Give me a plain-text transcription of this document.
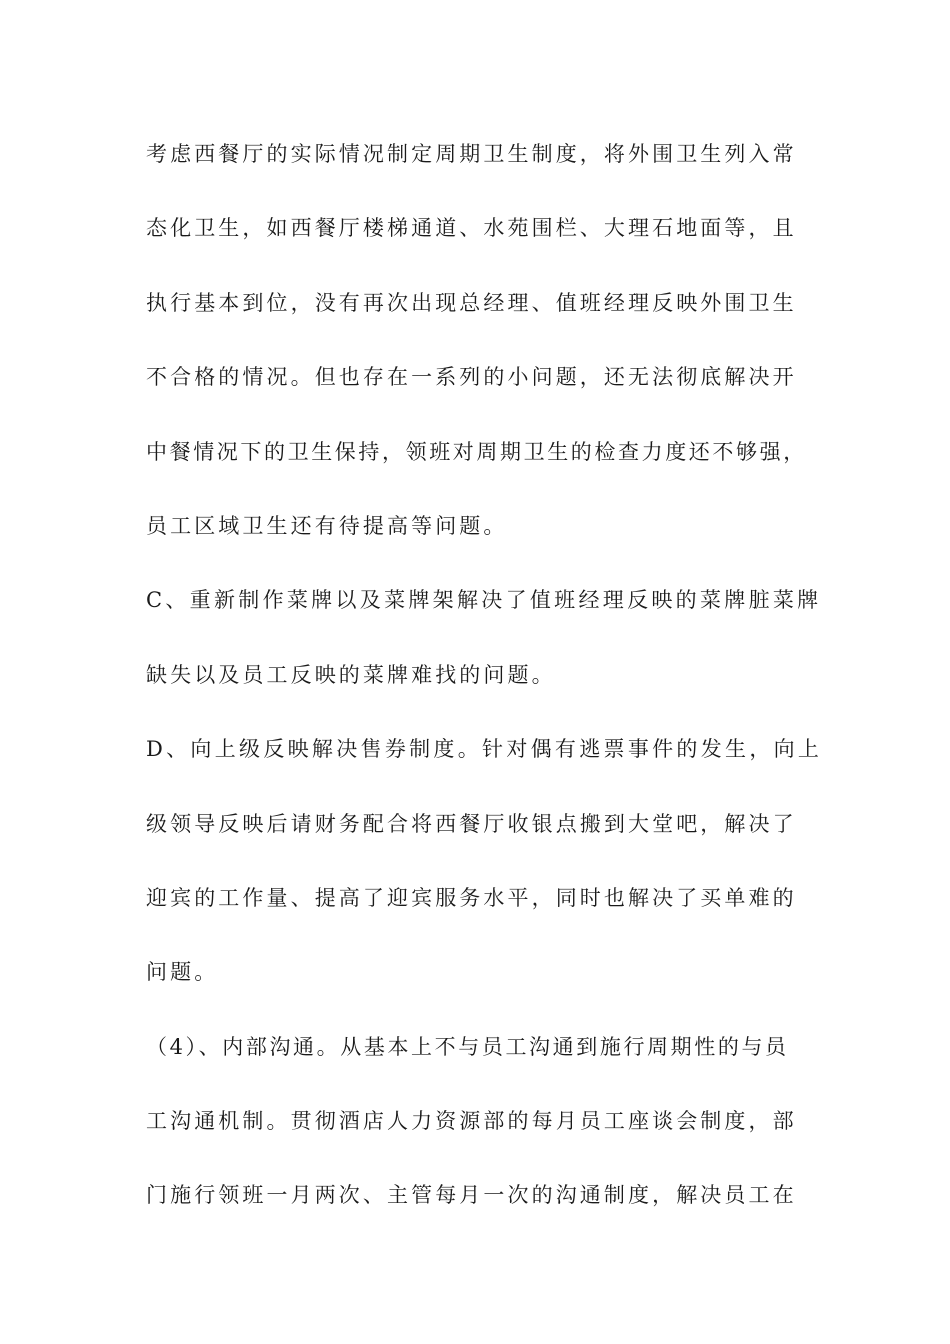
考虑西餐厅的实际情况制定周期卫生制度，将外围卫生列入常
态化卫生，如西餐厅楼梯通道、水苑围栏、大理石地面等，且
执行基本到位，没有再次出现总经理、值班经理反映外围卫生
不合格的情况。但也存在一系列的小问题，还无法彻底解决开
中餐情况下的卫生保持，领班对周期卫生的检查力度还不够强，
员工区域卫生还有待提高等问题。
C、重新制作菜牌以及菜牌架解决了值班经理反映的菜牌脏菜牌
缺失以及员工反映的菜牌难找的问题。
D、向上级反映解决售券制度。针对偶有逃票事件的发生，向上
级领导反映后请财务配合将西餐厅收银点搬到大堂吧，解决了
迎宾的工作量、提高了迎宾服务水平，同时也解决了买单难的
问题。
（4）、内部沟通。从基本上不与员工沟通到施行周期性的与员
工沟通机制。贯彻酒店人力资源部的每月员工座谈会制度，部
门施行领班一月两次、主管每月一次的沟通制度，解决员工在
